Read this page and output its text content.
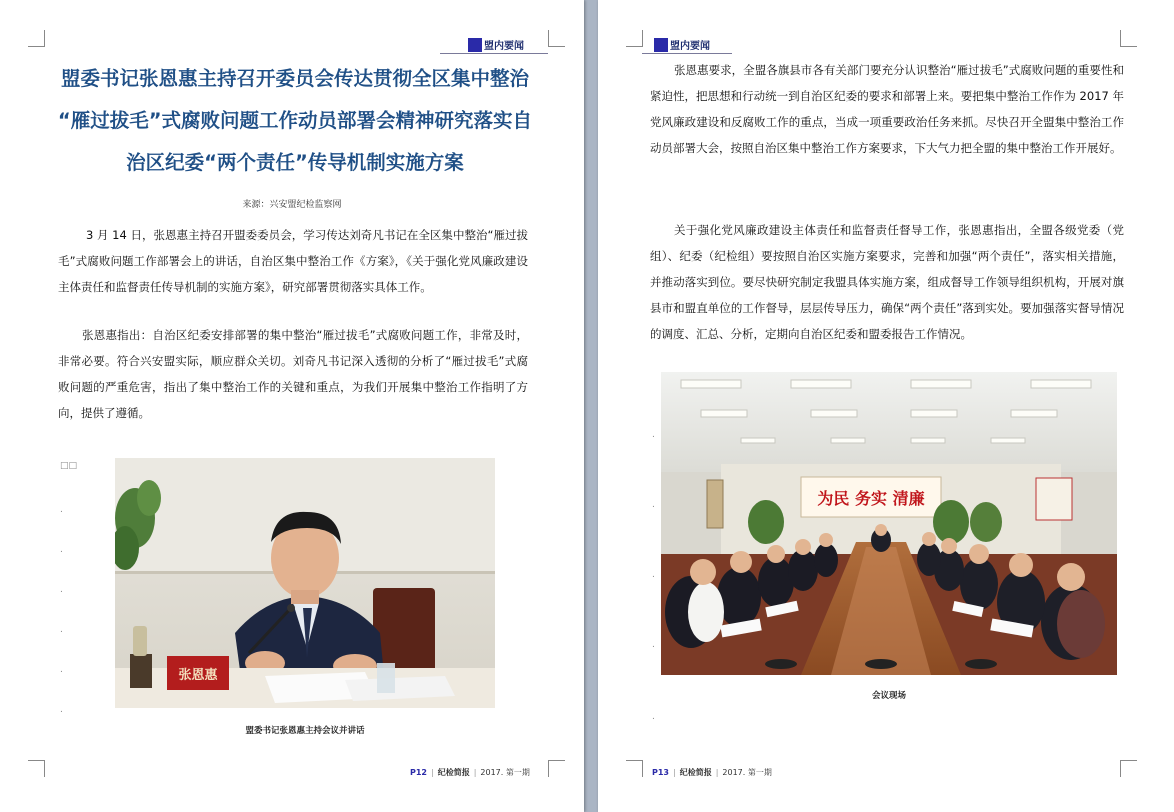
盟内要闻
盟委书记张恩惠主持召开委员会传达贯彻全区集中整治
“雁过拔毛”式腐败问题工作动员部署会精神研究落实自
治区纪委“两个责任”传导机制实施方案
来源：兴安盟纪检监察网
3 月 14 日，张恩惠主持召开盟委委员会，学习传达刘奇凡书记在全区集中整治“雁过拔毛”式腐败问题工作部署会上的讲话，自治区集中整治工作《方案》，《关于强化党风廉政建设主体责任和监督责任传导机制的实施方案》，研究部署贯彻落实具体工作。
张恩惠指出：自治区纪委安排部署的集中整治“雁过拔毛”式腐败问题工作，非常及时，非常必要。符合兴安盟实际，顺应群众关切。刘奇凡书记深入透彻的分析了“雁过拔毛”式腐败问题的严重危害，指出了集中整治工作的关键和重点，为我们开展集中整治工作指明了方向，提供了遵循。
□□
.
.
.
.
.
.
张恩惠
盟委书记张恩惠主持会议并讲话
P12 | 纪检简报 | 2017. 第一期
盟内要闻
张恩惠要求，全盟各旗县市各有关部门要充分认识整治“雁过拔毛”式腐败问题的重要性和紧迫性，把思想和行动统一到自治区纪委的要求和部署上来。要把集中整治工作作为 2017 年党风廉政建设和反腐败工作的重点，当成一项重要政治任务来抓。尽快召开全盟集中整治工作动员部署大会，按照自治区集中整治工作方案要求，下大气力把全盟的集中整治工作开展好。
关于强化党风廉政建设主体责任和监督责任督导工作，张恩惠指出，全盟各级党委（党组）、纪委（纪检组）要按照自治区实施方案要求，完善和加强“两个责任”，落实相关措施，并推动落实到位。要尽快研究制定我盟具体实施方案，组成督导工作领导组织机构，开展对旗县市和盟直单位的工作督导，层层传导压力，确保“两个责任”落到实处。要加强落实督导情况的调度、汇总、分析，定期向自治区纪委和盟委报告工作情况。
.
.
.
.
.
为民 务实 清廉
会议现场
P13 | 纪检简报 | 2017. 第一期
